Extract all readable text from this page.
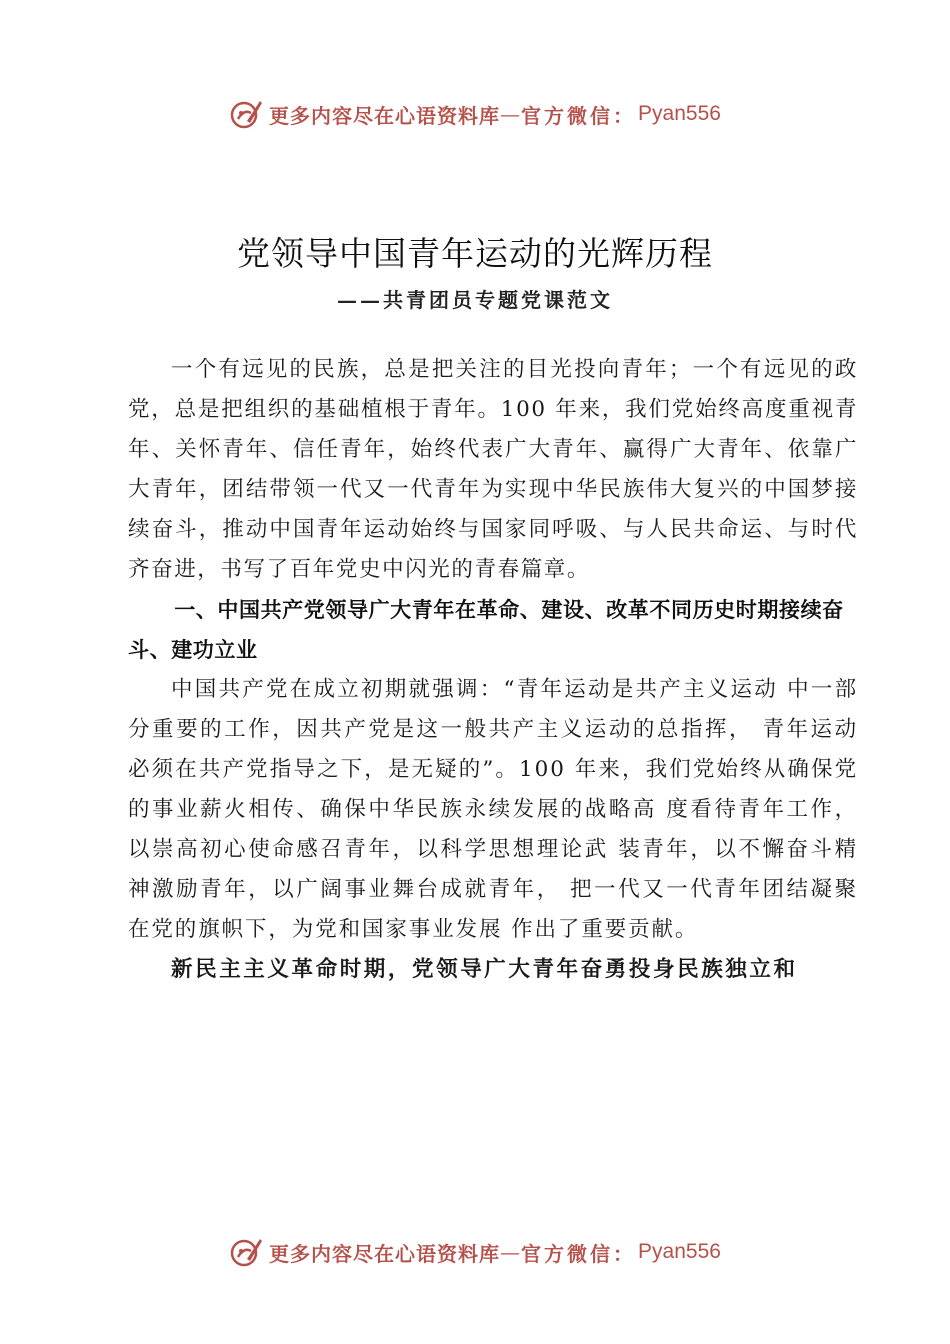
更多内容尽在心语资料库 — 官方微信： Pyan556
党领导中国青年运动的光辉历程
——共青团员专题党课范文

一个有远见的民族，总是把关注的目光投向青年；一个有远见的政党，总是把组织的基础植根于青年。100 年来，我们党始终高度重视青年、关怀青年、信任青年，始终代表广大青年、赢得广大青年、依靠广大青年，团结带领一代又一代青年为实现中华民族伟大复兴的中国梦接续奋斗，推动中国青年运动始终与国家同呼吸、与人民共命运、与时代齐奋进，书写了百年党史中闪光的青春篇章。

一、中国共产党领导广大青年在革命、建设、改革不同历史时期接续奋斗、建功立业

中国共产党在成立初期就强调：“青年运动是共产主义运动 中一部分重要的工作，因共产党是这一般共产主义运动的总指挥， 青年运动必须在共产党指导之下，是无疑的”。100 年来，我们党始终从确保党的事业薪火相传、确保中华民族永续发展的战略高 度看待青年工作，以崇高初心使命感召青年，以科学思想理论武 装青年，以不懈奋斗精神激励青年，以广阔事业舞台成就青年， 把一代又一代青年团结凝聚在党的旗帜下，为党和国家事业发展 作出了重要贡献。

新民主主义革命时期，党领导广大青年奋勇投身民族独立和

更多内容尽在心语资料库 — 官方微信： Pyan556
